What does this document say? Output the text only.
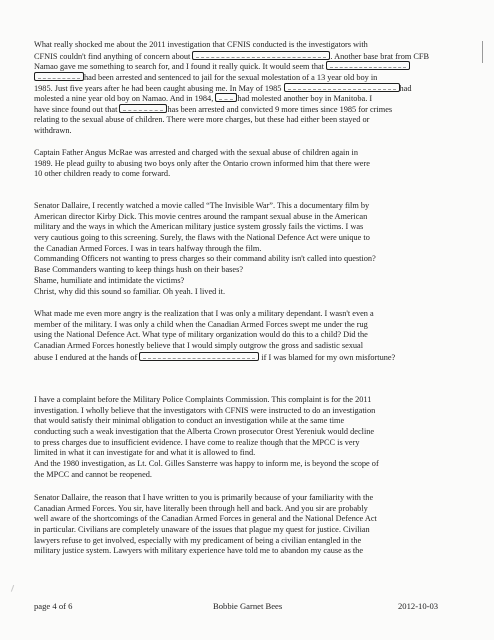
What really shocked me about the 2011 investigation that CFNIS conducted is the investigators with
CFNIS couldn't find anything of concern about	. Another base brat from CFB
Namao gave me something to search for, and I found it really quick. It would seem that
had been arrested and sentenced to jail for the sexual molestation of a 13 year old boy in
1985. Just five years after he had been caught abusing me. In May of 1985	had
molested a nine year old boy on Namao. And in 1984,	had molested another boy in Manitoba. I
have since found out that	has been arrested and convicted 9 more times since 1985 for crimes
relating to the sexual abuse of children. There were more charges, but these had either been stayed or
withdrawn.
Captain Father Angus McRae was arrested and charged with the sexual abuse of children again in
1989. He plead guilty to abusing two boys only after the Ontario crown informed him that there were
10 other children ready to come forward.
Senator Dallaire, I recently watched a movie called “The Invisible War”. This a documentary film by
American director Kirby Dick. This movie centres around the rampant sexual abuse in the American
military and the ways in which the American military justice system grossly fails the victims. I was
very cautious going to this screening. Surely, the flaws with the National Defence Act were unique to
the Canadian Armed Forces. I was in tears halfway through the film.
Commanding Officers not wanting to press charges so their command ability isn't called into question?
Base Commanders wanting to keep things hush on their bases?
Shame, humiliate and intimidate the victims?
Christ, why did this sound so familiar. Oh yeah. I lived it.
What made me even more angry is the realization that I was only a military dependant. I wasn't even a
member of the military. I was only a child when the Canadian Armed Forces swept me under the rug
using the National Defence Act. What type of military organization would do this to a child? Did the
Canadian Armed Forces honestly believe that I would simply outgrow the gross and sadistic sexual
abuse I endured at the hands of	if I was blamed for my own misfortune?
I have a complaint before the Military Police Complaints Commission. This complaint is for the 2011
investigation. I wholly believe that the investigators with CFNIS were instructed to do an investigation
that would satisfy their minimal obligation to conduct an investigation while at the same time
conducting such a weak investigation that the Alberta Crown prosecutor Orest Yereniuk would decline
to press charges due to insufficient evidence. I have come to realize though that the MPCC is very
limited in what it can investigate for and what it is allowed to find.
And the 1980 investigation, as Lt. Col. Gilles Sansterre was happy to inform me, is beyond the scope of
the MPCC and cannot be reopened.
Senator Dallaire, the reason that I have written to you is primarily because of your familiarity with the
Canadian Armed Forces. You sir, have literally been through hell and back. And you sir are probably
well aware of the shortcomings of the Canadian Armed Forces in general and the National Defence Act
in particular. Civilians are completely unaware of the issues that plague my quest for justice. Civilian
lawyers refuse to get involved, especially with my predicament of being a civilian entangled in the
military justice system. Lawyers with military experience have told me to abandon my cause as the
page 4 of 6	Bobbie Garnet Bees	2012-10-03
